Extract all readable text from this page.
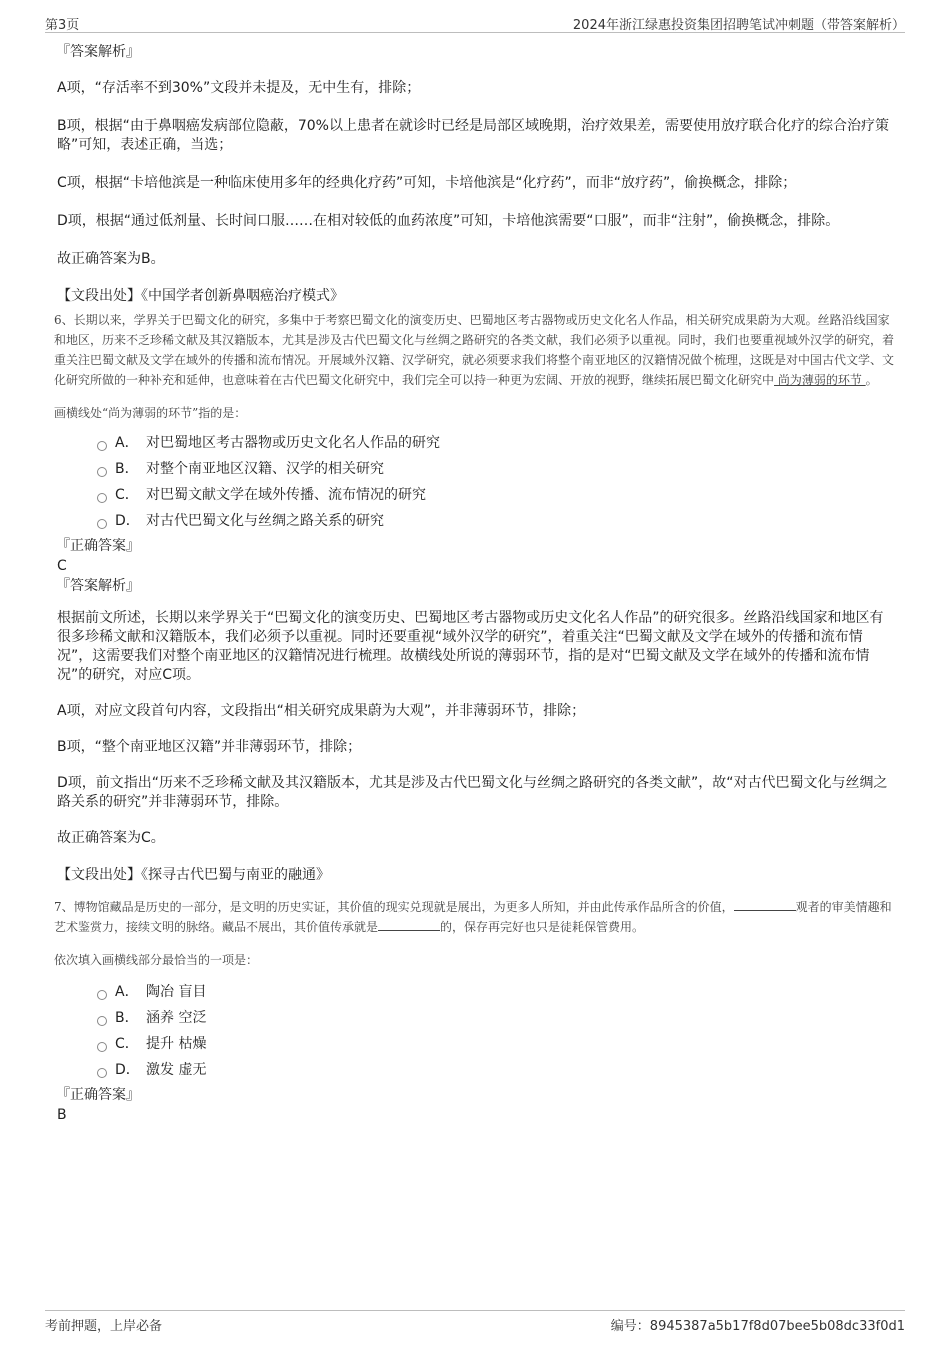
第3页	2024年浙江绿惠投资集团招聘笔试冲刺题（带答案解析）
『答案解析』
A项，“存活率不到30%”文段并未提及，无中生有，排除；
B项，根据“由于鼻咽癌发病部位隐蔽，70%以上患者在就诊时已经是局部区域晚期，治疗效果差，需要使用放疗联合化疗的综合治疗策略”可知，表述正确，当选；
C项，根据“卡培他滨是一种临床使用多年的经典化疗药”可知，卡培他滨是“化疗药”，而非“放疗药”，偷换概念，排除；
D项，根据“通过低剂量、长时间口服……在相对较低的血药浓度”可知，卡培他滨需要“口服”，而非“注射”，偷换概念，排除。
故正确答案为B。
【文段出处】《中国学者创新鼻咽癌治疗模式》
6、长期以来，学界关于巴蜀文化的研究，多集中于考察巴蜀文化的演变历史、巴蜀地区考古器物或历史文化名人作品，相关研究成果蔚为大观。丝路沿线国家和地区，历来不乏珍稀文献及其汉籍版本，尤其是涉及古代巴蜀文化与丝绸之路研究的各类文献，我们必须予以重视。同时，我们也要重视域外汉学的研究，着重关注巴蜀文献及文学在域外的传播和流布情况。开展域外汉籍、汉学研究，就必须要求我们将整个南亚地区的汉籍情况做个梳理，这既是对中国古代文学、文化研究所做的一种补充和延伸，也意味着在古代巴蜀文化研究中，我们完全可以持一种更为宏阔、开放的视野，继续拓展巴蜀文化研究中 尚为薄弱的环节 。
画横线处“尚为薄弱的环节”指的是：
A． 对巴蜀地区考古器物或历史文化名人作品的研究
B． 对整个南亚地区汉籍、汉学的相关研究
C． 对巴蜀文献文学在域外传播、流布情况的研究
D． 对古代巴蜀文化与丝绸之路关系的研究
『正确答案』
C
『答案解析』
根据前文所述，长期以来学界关于“巴蜀文化的演变历史、巴蜀地区考古器物或历史文化名人作品”的研究很多。丝路沿线国家和地区有很多珍稀文献和汉籍版本，我们必须予以重视。同时还要重视“域外汉学的研究”，着重关注“巴蜀文献及文学在域外的传播和流布情况”，这需要我们对整个南亚地区的汉籍情况进行梳理。故横线处所说的薄弱环节，指的是对“巴蜀文献及文学在域外的传播和流布情况”的研究，对应C项。
A项，对应文段首句内容，文段指出“相关研究成果蔚为大观”，并非薄弱环节，排除；
B项，“整个南亚地区汉籍”并非薄弱环节，排除；
D项，前文指出“历来不乏珍稀文献及其汉籍版本，尤其是涉及古代巴蜀文化与丝绸之路研究的各类文献”，故“对古代巴蜀文化与丝绸之路关系的研究”并非薄弱环节，排除。
故正确答案为C。
【文段出处】《探寻古代巴蜀与南亚的融通》
7、博物馆藏品是历史的一部分，是文明的历史实证，其价值的现实兑现就是展出，为更多人所知，并由此传承作品所含的价值，	观者的审美情趣和艺术鉴赏力，接续文明的脉络。藏品不展出，其价值传承就是	的，保存再完好也只是徒耗保管费用。
依次填入画横线部分最恰当的一项是：
A． 陶冶 盲目
B． 涵养 空泛
C． 提升 枯燥
D． 激发 虚无
『正确答案』
B
考前押题，上岸必备	编号：8945387a5b17f8d07bee5b08dc33f0d1
